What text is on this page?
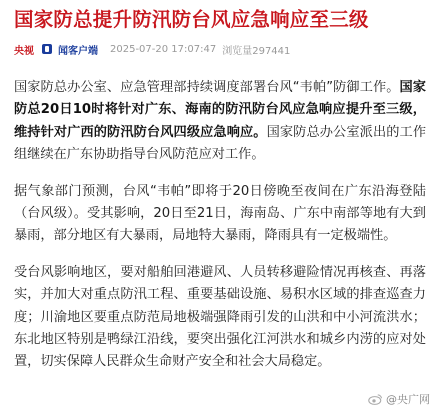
国家防总提升防汛防台风应急响应至三级
央视 闻客户端 2025-07-20 17:07:47 浏览量297441

国家防总办公室、应急管理部持续调度部署台风“韦帕”防御工作。国家防总20日10时将针对广东、海南的防汛防台风应急响应提升至三级，维持针对广西的防汛防台风四级应急响应。国家防总办公室派出的工作组继续在广东协助指导台风防范应对工作。

据气象部门预测，台风“韦帕”即将于20日傍晚至夜间在广东沿海登陆（台风级）。受其影响，20日至21日，海南岛、广东中南部等地有大到暴雨，部分地区有大暴雨，局地特大暴雨，降雨具有一定极端性。

受台风影响地区，要对船舶回港避风、人员转移避险情况再核查、再落实，并加大对重点防汛工程、重要基础设施、易积水区域的排查巡查力度；川渝地区要重点防范局地极端强降雨引发的山洪和中小河流洪水；东北地区特别是鸭绿江沿线，要突出强化江河洪水和城乡内涝的应对处置，切实保障人民群众生命财产安全和社会大局稳定。

@央广网
